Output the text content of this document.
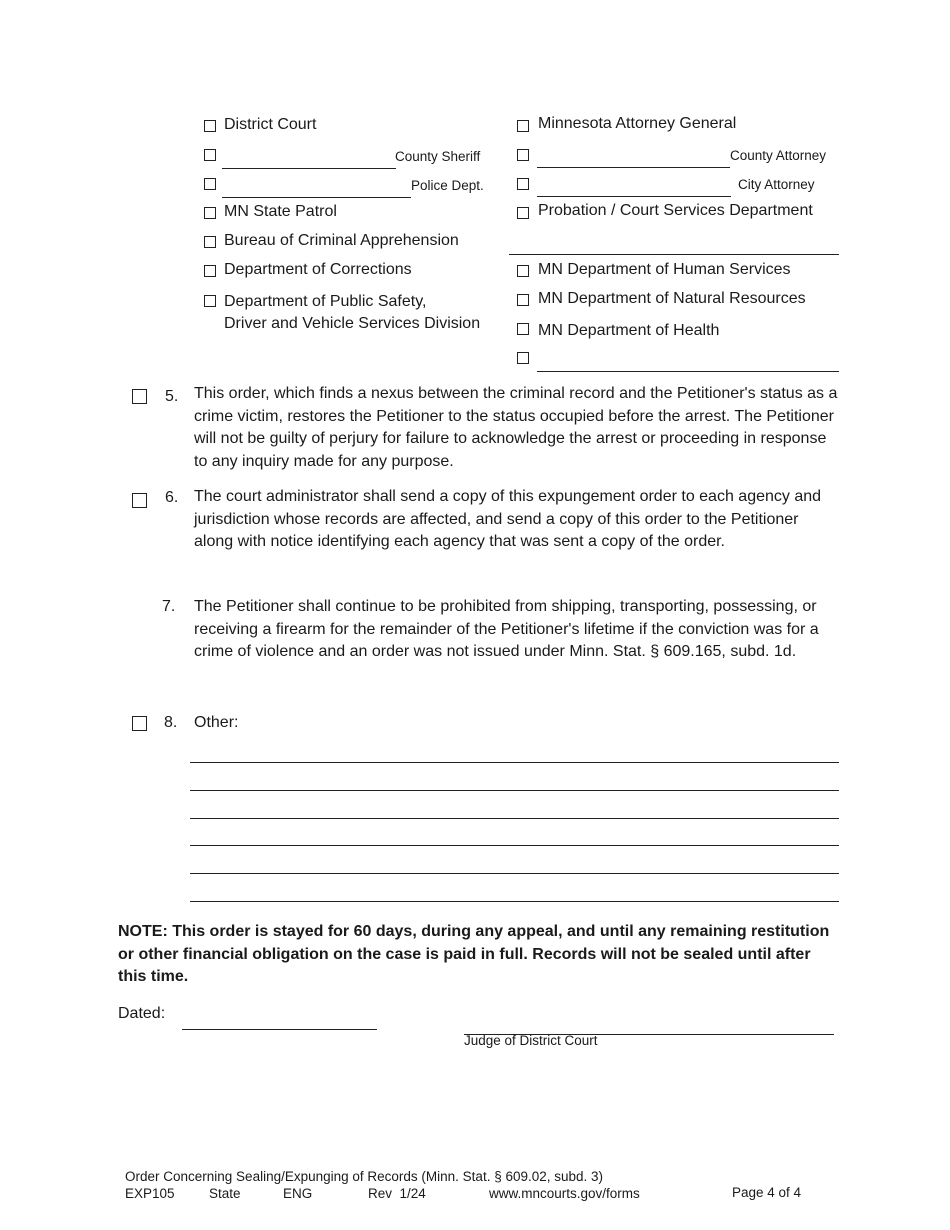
District Court
County Sheriff
Police Dept.
MN State Patrol
Bureau of Criminal Apprehension
Department of Corrections
Department of Public Safety,
Driver and Vehicle Services Division
Minnesota Attorney General
County Attorney
City Attorney
Probation / Court Services Department
MN Department of Human Services
MN Department of Natural Resources
MN Department of Health
5. This order, which finds a nexus between the criminal record and the Petitioner's status as a crime victim, restores the Petitioner to the status occupied before the arrest. The Petitioner will not be guilty of perjury for failure to acknowledge the arrest or proceeding in response to any inquiry made for any purpose.
6. The court administrator shall send a copy of this expungement order to each agency and jurisdiction whose records are affected, and send a copy of this order to the Petitioner along with notice identifying each agency that was sent a copy of the order.
7. The Petitioner shall continue to be prohibited from shipping, transporting, possessing, or receiving a firearm for the remainder of the Petitioner's lifetime if the conviction was for a crime of violence and an order was not issued under Minn. Stat. § 609.165, subd. 1d.
8. Other:
NOTE: This order is stayed for 60 days, during any appeal, and until any remaining restitution or other financial obligation on the case is paid in full. Records will not be sealed until after this time.
Dated:
Judge of District Court
Order Concerning Sealing/Expunging of Records (Minn. Stat. § 609.02, subd. 3)
EXP105	State	ENG	Rev  1/24	www.mncourts.gov/forms	Page 4 of 4
